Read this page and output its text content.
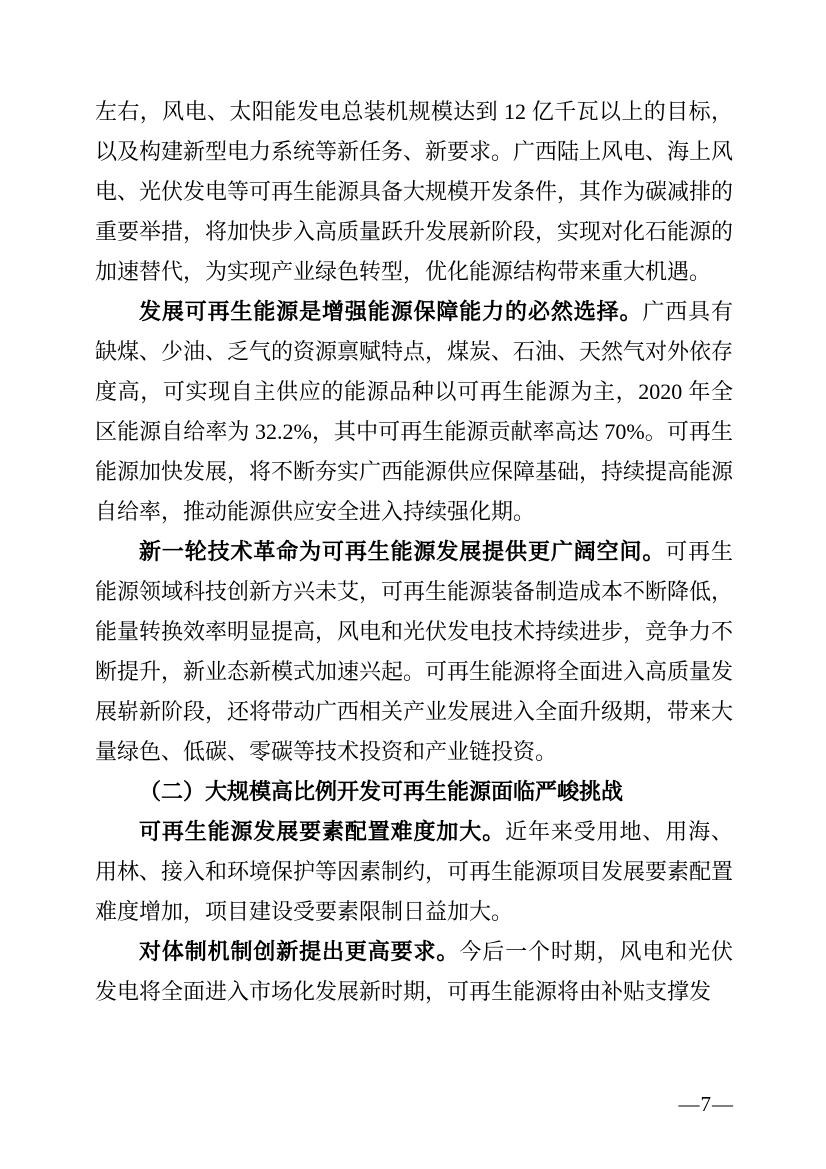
左右，风电、太阳能发电总装机规模达到 12 亿千瓦以上的目标，以及构建新型电力系统等新任务、新要求。广西陆上风电、海上风电、光伏发电等可再生能源具备大规模开发条件，其作为碳减排的重要举措，将加快步入高质量跃升发展新阶段，实现对化石能源的加速替代，为实现产业绿色转型，优化能源结构带来重大机遇。

发展可再生能源是增强能源保障能力的必然选择。广西具有缺煤、少油、乏气的资源禀赋特点，煤炭、石油、天然气对外依存度高，可实现自主供应的能源品种以可再生能源为主，2020 年全区能源自给率为 32.2%，其中可再生能源贡献率高达 70%。可再生能源加快发展，将不断夯实广西能源供应保障基础，持续提高能源自给率，推动能源供应安全进入持续强化期。

新一轮技术革命为可再生能源发展提供更广阔空间。可再生能源领域科技创新方兴未艾，可再生能源装备制造成本不断降低，能量转换效率明显提高，风电和光伏发电技术持续进步，竞争力不断提升，新业态新模式加速兴起。可再生能源将全面进入高质量发展崭新阶段，还将带动广西相关产业发展进入全面升级期，带来大量绿色、低碳、零碳等技术投资和产业链投资。

（二）大规模高比例开发可再生能源面临严峻挑战

可再生能源发展要素配置难度加大。近年来受用地、用海、用林、接入和环境保护等因素制约，可再生能源项目发展要素配置难度增加，项目建设受要素限制日益加大。

对体制机制创新提出更高要求。今后一个时期，风电和光伏发电将全面进入市场化发展新时期，可再生能源将由补贴支撑发

—7—
